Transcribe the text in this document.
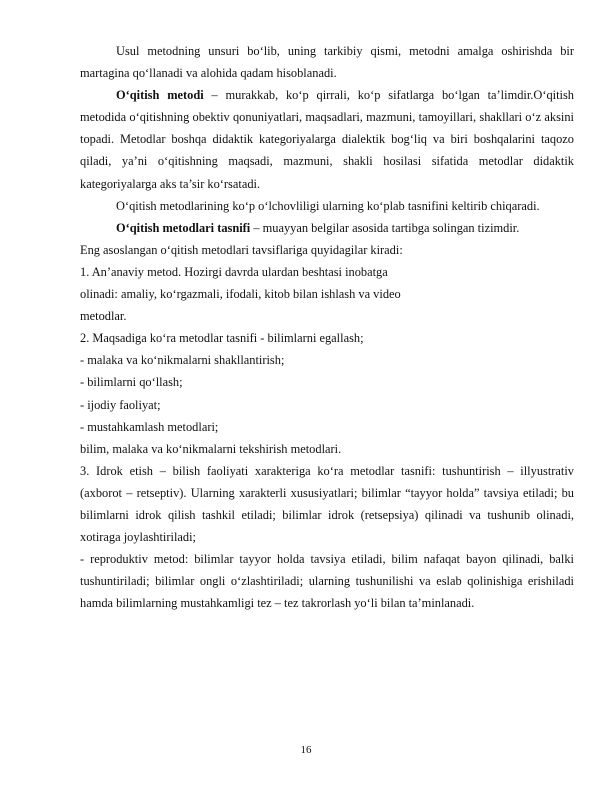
Usul metodning unsuri bo‘lib, uning tarkibiy qismi, metodni amalga oshirishda bir martagina qo‘llanadi va alohida qadam hisoblanadi.

O‘qitish metodi – murakkab, ko‘p qirrali, ko‘p sifatlarga bo‘lgan ta’limdir.O‘qitish metodida o‘qitishning obektiv qonuniyatlari, maqsadlari, mazmuni, tamoyillari, shakllari o‘z aksini topadi. Metodlar boshqa didaktik kategoriyalarga dialektik bog‘liq va biri boshqalarini taqozo qiladi, ya’ni o‘qitishning maqsadi, mazmuni, shakli hosilasi sifatida metodlar didaktik kategoriyalarga aks ta’sir ko‘rsatadi.

O‘qitish metodlarining ko‘p o‘lchovliligi ularning ko‘plab tasnifini keltirib chiqaradi.

O‘qitish metodlari tasnifi – muayyan belgilar asosida tartibga solingan tizimdir.

Eng asoslangan o‘qitish metodlari tavsiflariga quyidagilar kiradi:

1. An’anaviy metod. Hozirgi davrda ulardan beshtasi inobatga

olinadi: amaliy, ko‘rgazmali, ifodali, kitob bilan ishlash va video

metodlar.

2. Maqsadiga ko‘ra metodlar tasnifi - bilimlarni egallash;

- malaka va ko‘nikmalarni shakllantirish;

- bilimlarni qo‘llash;

- ijodiy faoliyat;

- mustahkamlash metodlari;

bilim, malaka va ko‘nikmalarni tekshirish metodlari.

3. Idrok etish – bilish faoliyati xarakteriga ko‘ra metodlar tasnifi: tushuntirish – illyustrativ (axborot – retseptiv). Ularning xarakterli xususiyatlari; bilimlar “tayyor holda” tavsiya etiladi; bu bilimlarni idrok qilish tashkil etiladi; bilimlar idrok (retsepsiya) qilinadi va tushunib olinadi, xotiraga joylashtiriladi;

- reproduktiv metod: bilimlar tayyor holda tavsiya etiladi, bilim nafaqat bayon qilinadi, balki tushuntiriladi; bilimlar ongli o‘zlashtiriladi; ularning tushunilishi va eslab qolinishiga erishiladi hamda bilimlarning mustahkamligi tez – tez takrorlash yo‘li bilan ta’minlanadi.

16
